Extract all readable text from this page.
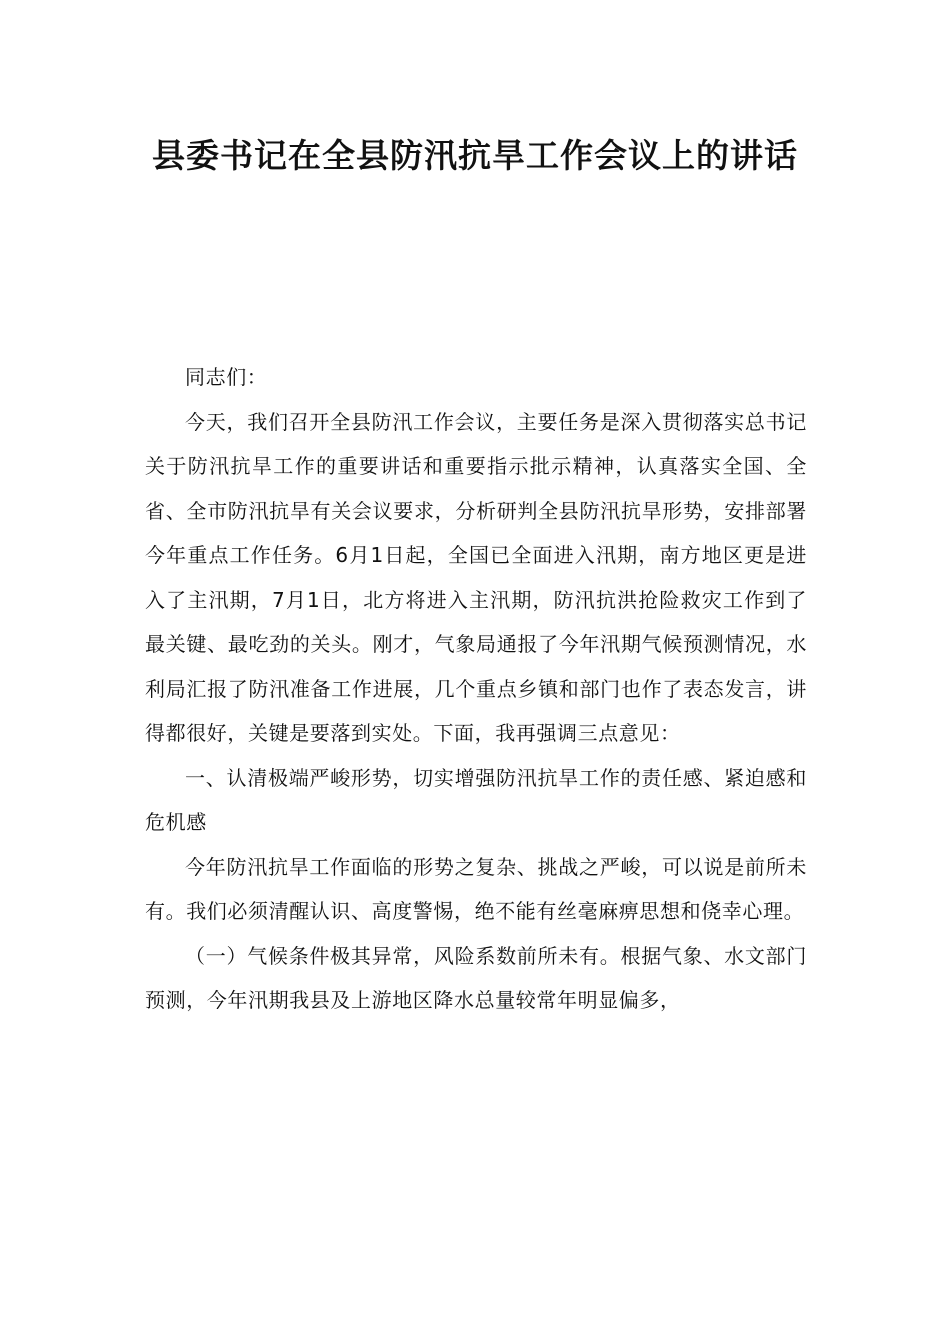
县委书记在全县防汛抗旱工作会议上的讲话

同志们：

今天，我们召开全县防汛工作会议，主要任务是深入贯彻落实总书记关于防汛抗旱工作的重要讲话和重要指示批示精神，认真落实全国、全省、全市防汛抗旱有关会议要求，分析研判全县防汛抗旱形势，安排部署今年重点工作任务。6月1日起，全国已全面进入汛期，南方地区更是进入了主汛期，7月1日，北方将进入主汛期，防汛抗洪抢险救灾工作到了最关键、最吃劲的关头。刚才，气象局通报了今年汛期气候预测情况，水利局汇报了防汛准备工作进展，几个重点乡镇和部门也作了表态发言，讲得都很好，关键是要落到实处。下面，我再强调三点意见：

一、认清极端严峻形势，切实增强防汛抗旱工作的责任感、紧迫感和危机感

今年防汛抗旱工作面临的形势之复杂、挑战之严峻，可以说是前所未有。我们必须清醒认识、高度警惕，绝不能有丝毫麻痹思想和侥幸心理。

（一）气候条件极其异常，风险系数前所未有。根据气象、水文部门预测，今年汛期我县及上游地区降水总量较常年明显偏多，
